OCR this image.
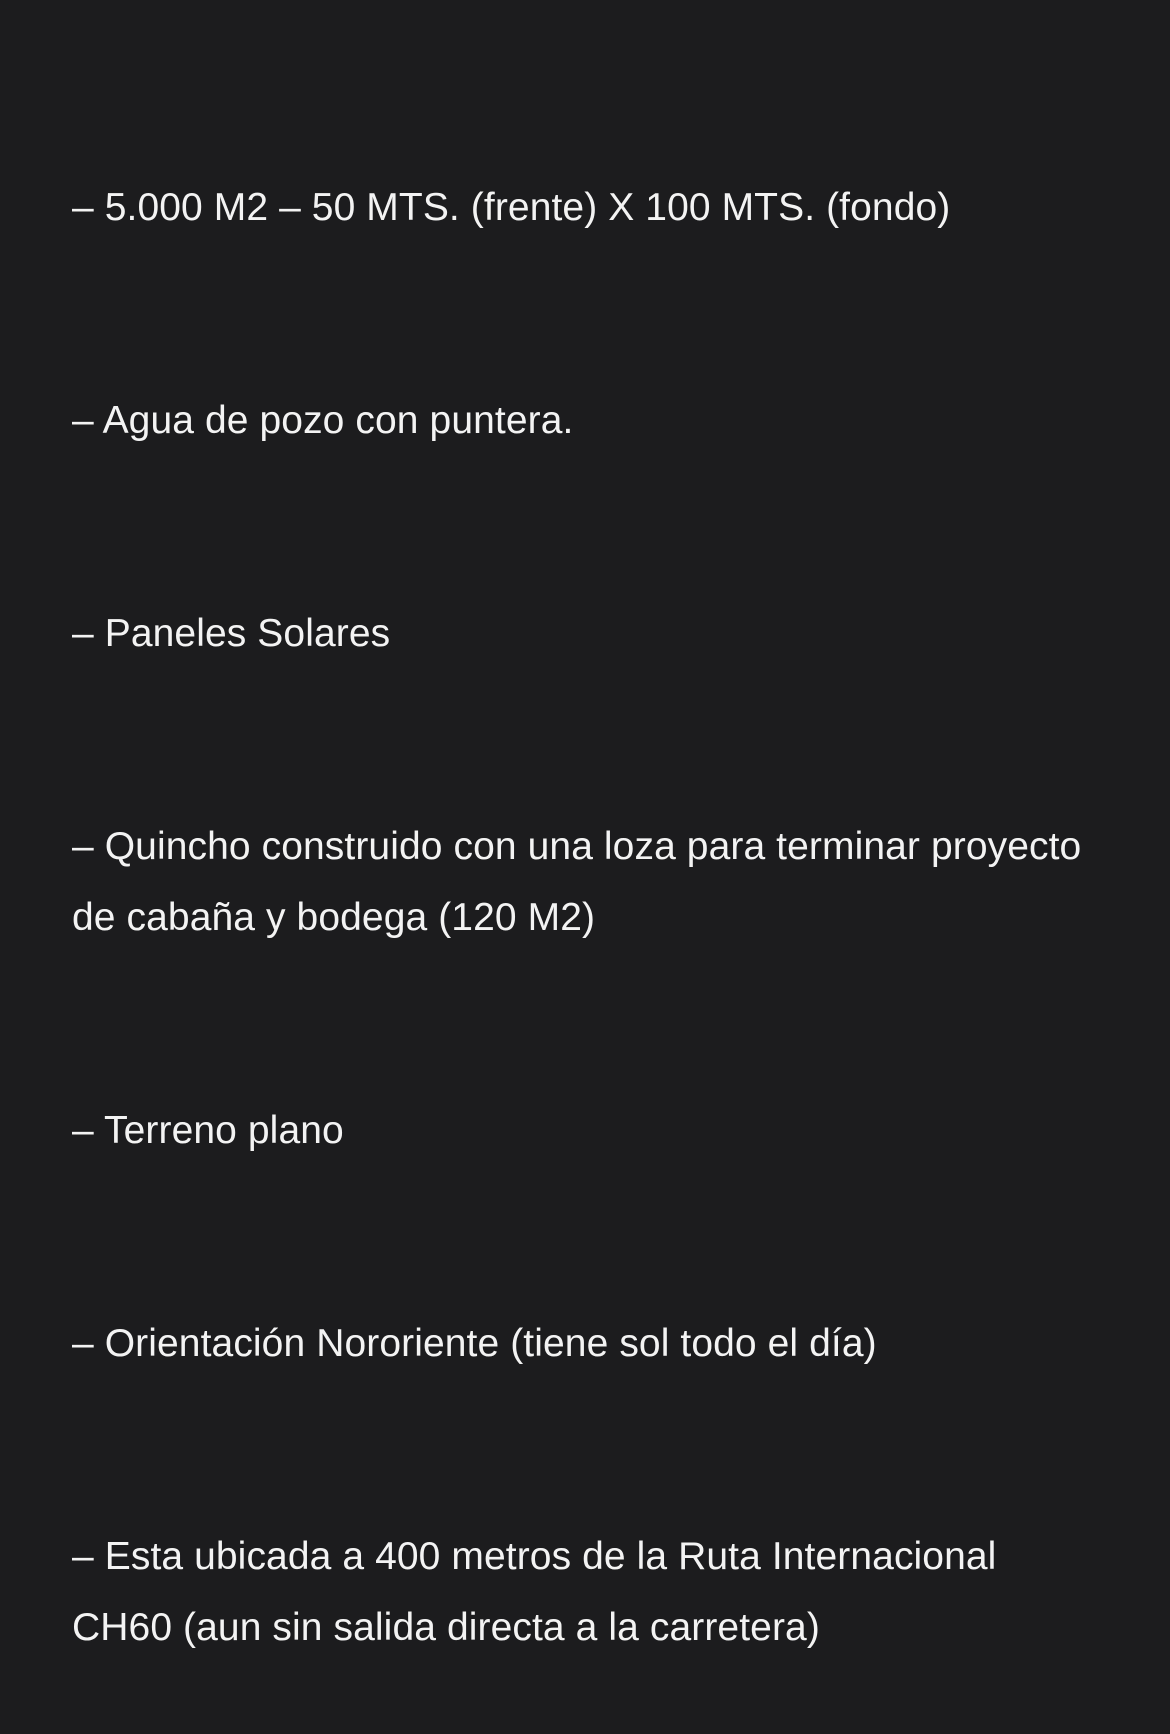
– 5.000 M2 – 50 MTS. (frente) X 100 MTS. (fondo)

– Agua de pozo con puntera.

– Paneles Solares

– Quincho construido con una loza para terminar proyecto de cabaña y bodega (120 M2)

– Terreno plano

– Orientación Nororiente (tiene sol todo el día)

– Esta ubicada a 400 metros de la Ruta Internacional CH60 (aun sin salida directa a la carretera)
